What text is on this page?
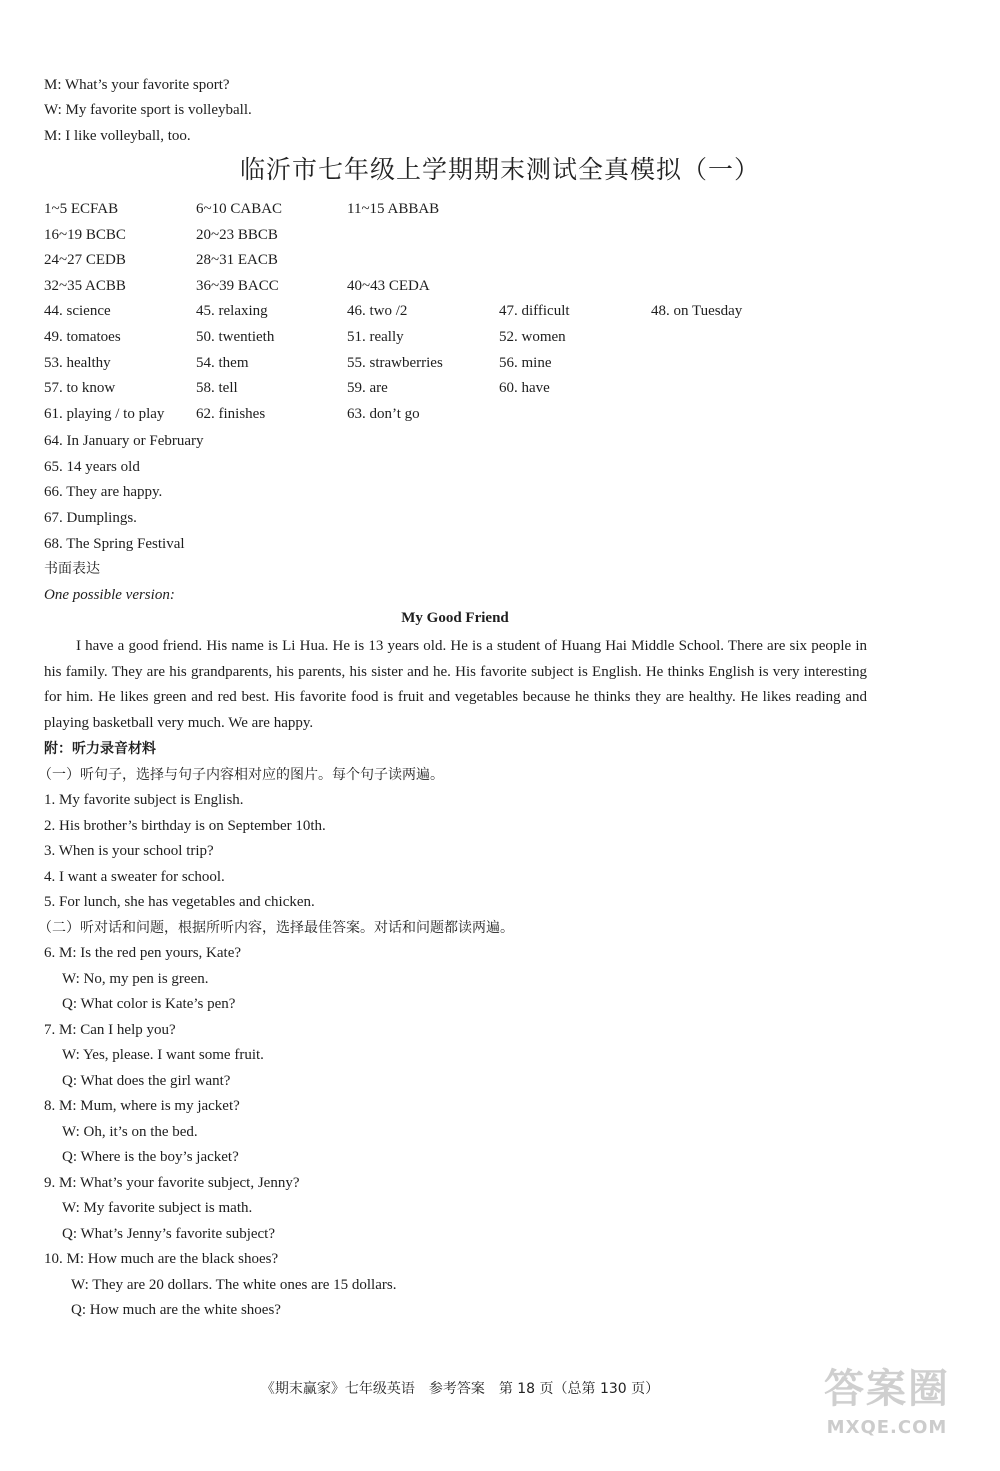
M: What’s your favorite sport?
W: My favorite sport is volleyball.
M: I like volleyball, too.
临沂市七年级上学期期末测试全真模拟（一）
1~5 ECFAB	6~10 CABAC	11~15 ABBAB
16~19 BCBC	20~23 BBCB
24~27 CEDB	28~31 EACB
32~35 ACBB	36~39 BACC	40~43 CEDA
44. science	45. relaxing	46. two /2	47. difficult	48. on Tuesday
49. tomatoes	50. twentieth	51. really	52. women
53. healthy	54. them	55. strawberries	56. mine
57. to know	58. tell	59. are	60. have
61. playing / to play 62. finishes	63. don’t go
64. In January or February
65. 14 years old
66. They are happy.
67. Dumplings.
68. The Spring Festival
书面表达
One possible version:
My Good Friend
I have a good friend. His name is Li Hua. He is 13 years old. He is a student of Huang Hai Middle School. There are six people in his family. They are his grandparents, his parents, his sister and he. His favorite subject is English. He thinks English is very interesting for him. He likes green and red best. His favorite food is fruit and vegetables because he thinks they are healthy. He likes reading and playing basketball very much. We are happy.
附：听力录音材料
（一）听句子，选择与句子内容相对应的图片。每个句子读两遍。
1. My favorite subject is English.
2. His brother’s birthday is on September 10th.
3. When is your school trip?
4. I want a sweater for school.
5. For lunch, she has vegetables and chicken.
（二）听对话和问题，根据所听内容，选择最佳答案。对话和问题都读两遍。
6. M: Is the red pen yours, Kate?
W: No, my pen is green.
Q: What color is Kate’s pen?
7. M: Can I help you?
W: Yes, please. I want some fruit.
Q: What does the girl want?
8. M: Mum, where is my jacket?
W: Oh, it’s on the bed.
Q: Where is the boy’s jacket?
9. M: What’s your favorite subject, Jenny?
W: My favorite subject is math.
Q: What’s Jenny’s favorite subject?
10. M: How much are the black shoes?
W: They are 20 dollars. The white ones are 15 dollars.
Q: How much are the white shoes?
《期末赢家》七年级英语　参考答案　第 18 页（总第 130 页）	答案圈
MXQE.COM
